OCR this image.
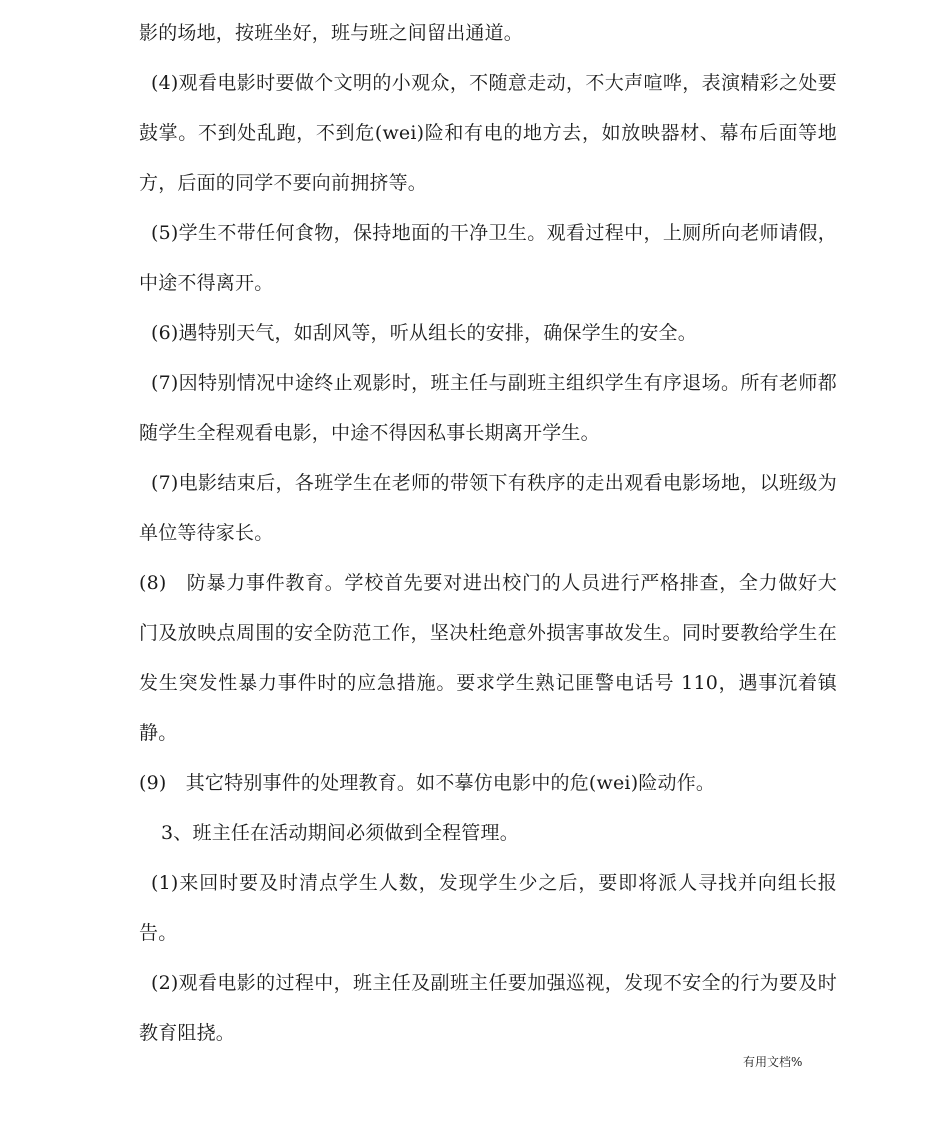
影的场地，按班坐好，班与班之间留出通道。

(4)观看电影时要做个文明的小观众，不随意走动，不大声喧哗，表演精彩之处要鼓掌。不到处乱跑，不到危(wei)险和有电的地方去，如放映器材、幕布后面等地方，后面的同学不要向前拥挤等。

(5)学生不带任何食物，保持地面的干净卫生。观看过程中，上厕所向老师请假，中途不得离开。

(6)遇特别天气，如刮风等，听从组长的安排，确保学生的安全。

(7)因特别情况中途终止观影时，班主任与副班主组织学生有序退场。所有老师都随学生全程观看电影，中途不得因私事长期离开学生。

(7)电影结束后，各班学生在老师的带领下有秩序的走出观看电影场地，以班级为单位等待家长。

(8)　防暴力事件教育。学校首先要对进出校门的人员进行严格排查，全力做好大门及放映点周围的安全防范工作，坚决杜绝意外损害事故发生。同时要教给学生在发生突发性暴力事件时的应急措施。要求学生熟记匪警电话号 110，遇事沉着镇静。

(9)　其它特别事件的处理教育。如不摹仿电影中的危(wei)险动作。

3、班主任在活动期间必须做到全程管理。

(1)来回时要及时清点学生人数，发现学生少之后，要即将派人寻找并向组长报告。

(2)观看电影的过程中，班主任及副班主任要加强巡视，发现不安全的行为要及时教育阻挠。

有用文档%
